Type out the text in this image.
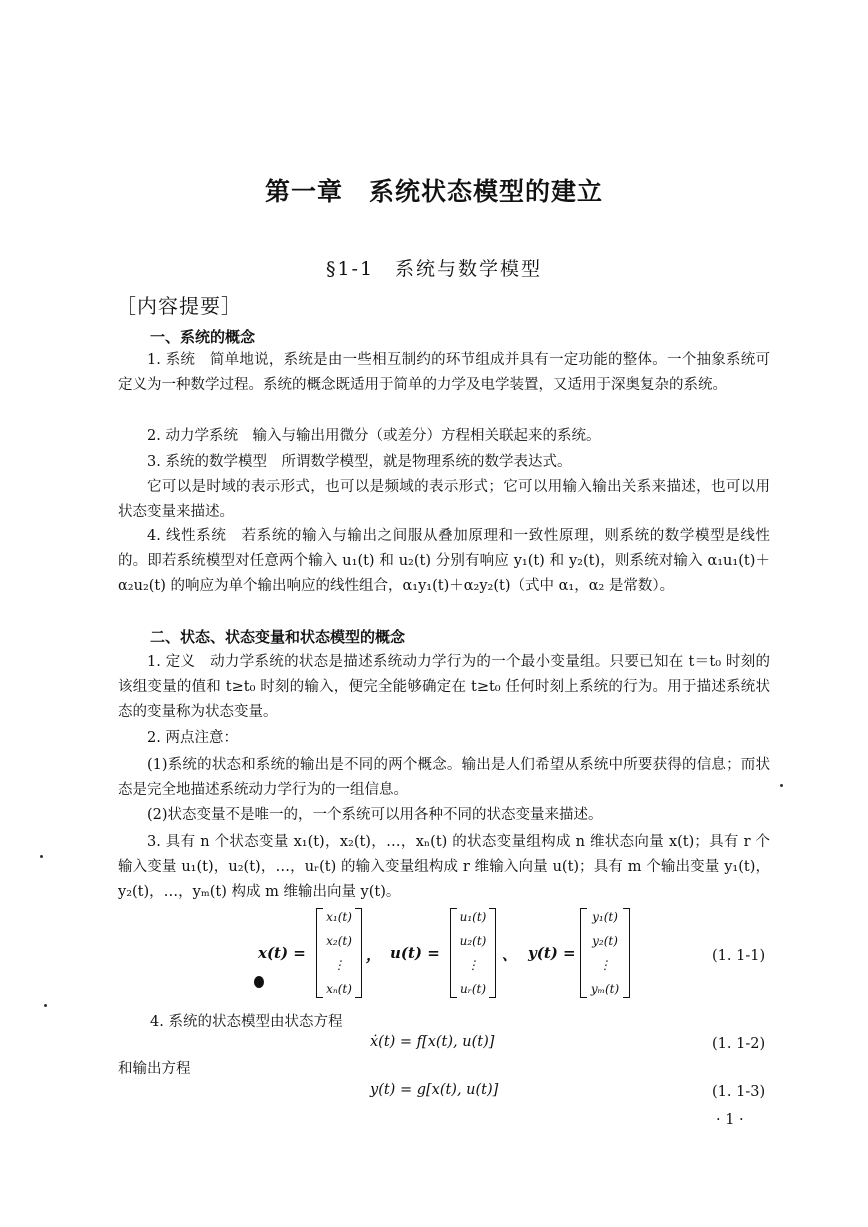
第一章　系统状态模型的建立
§1-1　系统与数学模型
［内容提要］
一、系统的概念
1. 系统　简单地说，系统是由一些相互制约的环节组成并具有一定功能的整体。一个抽象系统可定义为一种数学过程。系统的概念既适用于简单的力学及电学装置，又适用于深奥复杂的系统。
2. 动力学系统　输入与输出用微分（或差分）方程相关联起来的系统。
3. 系统的数学模型　所谓数学模型，就是物理系统的数学表达式。
它可以是时域的表示形式，也可以是频域的表示形式；它可以用输入输出关系来描述，也可以用状态变量来描述。
4. 线性系统　若系统的输入与输出之间服从叠加原理和一致性原理，则系统的数学模型是线性的。即若系统模型对任意两个输入 u₁(t) 和 u₂(t) 分别有响应 y₁(t) 和 y₂(t)，则系统对输入 α₁u₁(t)＋α₂u₂(t) 的响应为单个输出响应的线性组合，α₁y₁(t)＋α₂y₂(t)（式中 α₁，α₂ 是常数）。
二、状态、状态变量和状态模型的概念
1. 定义　动力学系统的状态是描述系统动力学行为的一个最小变量组。只要已知在 t＝t₀ 时刻的该组变量的值和 t≥t₀ 时刻的输入，便完全能够确定在 t≥t₀ 任何时刻上系统的行为。用于描述系统状态的变量称为状态变量。
2. 两点注意：
(1)系统的状态和系统的输出是不同的两个概念。输出是人们希望从系统中所要获得的信息；而状态是完全地描述系统动力学行为的一组信息。
(2)状态变量不是唯一的，一个系统可以用各种不同的状态变量来描述。
3. 具有 n 个状态变量 x₁(t)，x₂(t)，…，xₙ(t) 的状态变量组构成 n 维状态向量 x(t)；具有 r 个输入变量 u₁(t)，u₂(t)，…，uᵣ(t) 的输入变量组构成 r 维输入向量 u(t)；具有 m 个输出变量 y₁(t)，y₂(t)，…，yₘ(t) 构成 m 维输出向量 y(t)。
x(t) =
x₁(t)
x₂(t)
⋮
xₙ(t)
， u(t) =
u₁(t)
u₂(t)
⋮
uᵣ(t)
、 y(t) =
y₁(t)
y₂(t)
⋮
yₘ(t)
(1. 1-1)
4. 系统的状态模型由状态方程
ẋ(t) = f[x(t), u(t)]	(1. 1-2)
和输出方程
y(t) = g[x(t), u(t)]	(1. 1-3)
· 1 ·
